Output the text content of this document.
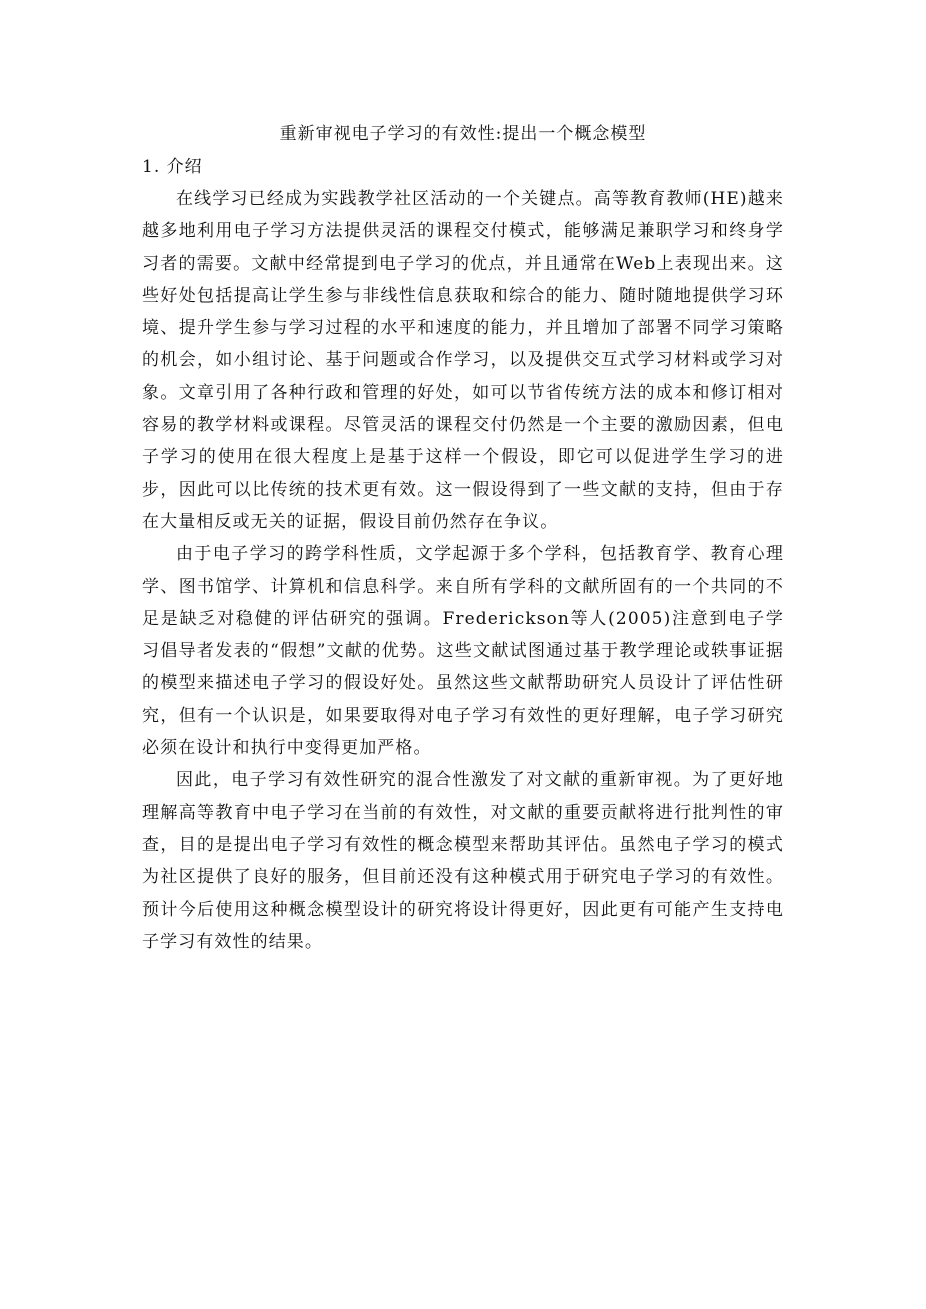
重新审视电子学习的有效性:提出一个概念模型
1. 介绍

在线学习已经成为实践教学社区活动的一个关键点。高等教育教师(HE)越来越多地利用电子学习方法提供灵活的课程交付模式，能够满足兼职学习和终身学习者的需要。文献中经常提到电子学习的优点，并且通常在Web上表现出来。这些好处包括提高让学生参与非线性信息获取和综合的能力、随时随地提供学习环境、提升学生参与学习过程的水平和速度的能力，并且增加了部署不同学习策略的机会，如小组讨论、基于问题或合作学习，以及提供交互式学习材料或学习对象。文章引用了各种行政和管理的好处，如可以节省传统方法的成本和修订相对容易的教学材料或课程。尽管灵活的课程交付仍然是一个主要的激励因素，但电子学习的使用在很大程度上是基于这样一个假设，即它可以促进学生学习的进步，因此可以比传统的技术更有效。这一假设得到了一些文献的支持，但由于存在大量相反或无关的证据，假设目前仍然存在争议。

由于电子学习的跨学科性质，文学起源于多个学科，包括教育学、教育心理学、图书馆学、计算机和信息科学。来自所有学科的文献所固有的一个共同的不足是缺乏对稳健的评估研究的强调。Frederickson等人(2005)注意到电子学习倡导者发表的“假想”文献的优势。这些文献试图通过基于教学理论或轶事证据的模型来描述电子学习的假设好处。虽然这些文献帮助研究人员设计了评估性研究，但有一个认识是，如果要取得对电子学习有效性的更好理解，电子学习研究必须在设计和执行中变得更加严格。

因此，电子学习有效性研究的混合性激发了对文献的重新审视。为了更好地理解高等教育中电子学习在当前的有效性，对文献的重要贡献将进行批判性的审查，目的是提出电子学习有效性的概念模型来帮助其评估。虽然电子学习的模式为社区提供了良好的服务，但目前还没有这种模式用于研究电子学习的有效性。预计今后使用这种概念模型设计的研究将设计得更好，因此更有可能产生支持电子学习有效性的结果。
